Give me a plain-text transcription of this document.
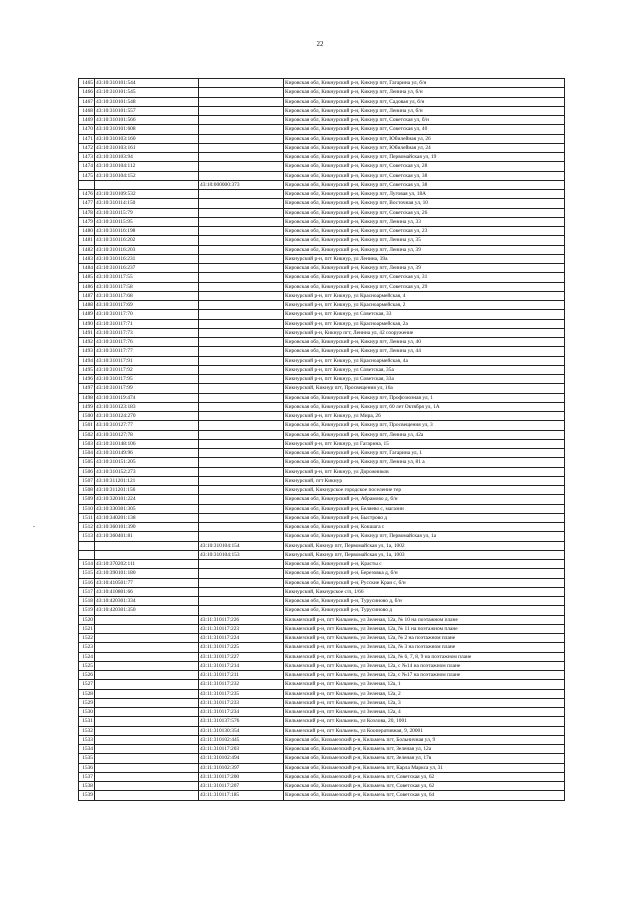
22
-
1465	43:10:310101:544		Кировская обл, Кикнурский р-н, Кикнур пгт, Гагарина ул, б/н
1466	43:10:310101:545		Кировская обл, Кикнурский р-н, Кикнур пгт, Ленина ул, б/н
1467	43:10:310101:548		Кировская обл, Кикнурский р-н, Кикнур пгт, Садовая ул, б/н
1468	43:10:310101:557		Кировская обл, Кикнурский р-н, Кикнур пгт, Ленина ул, б/н
1469	43:10:310101:566		Кировская обл, Кикнурский р-н, Кикнур пгт, Советская ул, б/н
1470	43:10:310101:608		Кировская обл, Кикнурский р-н, Кикнур пгт, Советская ул, 40
1471	43:10:310103:160		Кировская обл, Кикнурский р-н, Кикнур пгт, Юбилейная ул, 26
1472	43:10:310103:161		Кировская обл, Кикнурский р-н, Кикнур пгт, Юбилейная ул, 24
1473	43:10:310103:94		Кировская обл, Кикнурский р-н, Кикнур пгт, Первомайская ул, 19
1474	43:10:310104:112		Кировская обл, Кикнурский р-н, Кикнур пгт, Советская ул, 28
1475	43:10:310104:152		Кировская обл, Кикнурский р-н, Кикнур пгт, Советская ул, 38
		43:10:000000:373	Кировская обл, Кикнурский р-н, Кикнур пгт, Советская ул, 38
1476	43:10:310109:532		Кировская обл, Кикнурский р-н, Кикнур пгт, Луговая ул, 18А
1477	43:10:310114:150		Кировская обл, Кикнурский р-н, Кикнур пгт, Восточная ул, 10
1478	43:10:310115:79		Кировская обл, Кикнурский р-н, Кикнур пгт, Советская ул, 26
1479	43:10:310115:95		Кировская обл, Кикнурский р-н, Кикнур пгт, Ленина ул, 33
1480	43:10:310116:198		Кировская обл, Кикнурский р-н, Кикнур пгт, Советская ул, 23
1481	43:10:310116:202		Кировская обл, Кикнурский р-н, Кикнур пгт, Ленина ул, 35
1482	43:10:310116:203		Кировская обл, Кикнурский р-н, Кикнур пгт, Ленина ул, 39
1483	43:10:310116:231		Кикнурский р-н, пгт Кикнур, ул Ленина, 39а
1484	43:10:310116:237		Кировская обл, Кикнурский р-н, Кикнур пгт, Ленина ул, 39
1485	43:10:310117:55		Кировская обл, Кикнурский р-н, Кикнур пгт, Советская ул, 31
1486	43:10:310117:58		Кировская обл, Кикнурский р-н, Кикнур пгт, Советская ул, 29
1487	43:10:310117:68		Кикнурский р-н, пгт Кикнур, ул Красноармейская, 4
1488	43:10:310117:69		Кикнурский р-н, пгт Кикнур, ул Красноармейская, 2
1489	43:10:310117:70		Кикнурский р-н, пгт Кикнур, ул Советская, 33
1490	43:10:310117:71		Кикнурский р-н, пгт Кикнур, ул Красноармейская, 2а
1491	43:10:310117:73		Кикнурский р-н, Кикнур пгт, Ленина ул, 42 сооружение
1492	43:10:310117:76		Кировская обл, Кикнурский р-н, Кикнур пгт, Ленина ул, 40
1493	43:10:310117:77		Кировская обл, Кикнурский р-н, Кикнур пгт, Ленина ул, 44
1494	43:10:310117:91		Кикнурский р-н, пгт Кикнур, ул Красноармейская, 4а
1495	43:10:310117:92		Кикнурский р-н, пгт Кикнур, ул Советская, 35а
1496	43:10:310117:95		Кикнурский р-н, пгт Кикнур, ул Советская, 33а
1497	43:10:310117:99		Кикнурский, Кикнур пгт, Просвещения ул, 16а
1498	43:10:310119:474		Кировская обл, Кикнурский р-н, Кикнур пгт, Профсоюзная ул, 1
1499	43:10:310123:183		Кировская обл, Кикнурский р-н, Кикнур пгт, 60 лет Октября ул, 1А
1500	43:10:310124:270		Кикнурский р-н, пгт Кикнур, ул Мира, 26
1501	43:10:310127:77		Кировская обл, Кикнурский р-н, Кикнур пгт, Просвещения ул, 3
1502	43:10:310127:78		Кировская обл, Кикнурский р-н, Кикнур пгт, Ленина ул, 42а
1503	43:10:310148:106		Кикнурский р-н, пгт Кикнур, ул Гагарина, 15
1504	43:10:310149:96		Кировская обл, Кикнурский р-н, Кикнур пгт, Гагарина ул, 1
1505	43:10:310151:205		Кировская обл, Кикнурский р-н, Кикнур пгт, Ленина ул, 81 а
1506	43:10:310152:273		Кикнурский р-н, пгт Кикнур, ул Дорожников
1507	43:10:311201:121		Кикнурский, пгт Кикнур
1508	43:10:311201:156		Кикнурский, Кикнурское городское поселение тер
1509	43:10:320101:224		Кировская обл, Кикнурский р-н, Абрамово д, б/н
1510	43:10:330301:305		Кировская обл, Кикнурский р-н, Беляево с, магазин
1511	43:10:340201:138		Кировская обл, Кикнурский р-н, Быстрово д
1512	43:10:360101:390		Кировская обл, Кикнурский р-н, Кокшага с
1513	43:10:360401:81		Кировская обл, Кикнурский р-н, Кикнур пгт, Первомайская ул, 1а
		43:10:310104:154	Кикнурский, Кикнур пгт, Первомайская ул, 1а, 1002
		43:10:310104:153	Кикнурский, Кикнур пгт, Первомайская ул, 1а, 1003
1514	43:10:370202:111		Кировская обл, Кикнурский р-н, Красты с
1515	43:10:390101:180		Кировская обл, Кикнурский р-н, Березовка д, б/н
1516	43:10:410501:77		Кировская обл, Кикнурский р-н, Русские Краи с, б/н
1517	43:10:410801:66		Кикнурский, Кикнурское с/п, 1/66
1518	43:10:420301:334		Кировская обл, Кикнурский р-н, Турусиново д, б/н
1519	43:10:420301:350		Кировская обл, Кикнурский р-н, Турусиново д
1520		43:11:310117:226	Кильмезский р-н, пгт Кильмезь, ул Зеленая, 12а, № 10 на поэтажном плане
1521		43:11:310117:223	Кильмезский р-н, пгт Кильмезь, ул Зеленая, 12а, № 11 на поэтажном плане
1522		43:11:310117:224	Кильмезский р-н, пгт Кильмезь, ул Зеленая, 12а, № 2 на поэтажном плане
1523		43:11:310117:225	Кильмезский р-н, пгт Кильмезь, ул Зеленая, 12а, № 3 на поэтажном плане
1524		43:11:310117:227	Кильмезский р-н, пгт Кильмезь, ул Зеленая, 12а, № 6, 7, 8, 9 на поэтажном плане
1525		43:11:310117:214	Кильмезский р-н, пгт Кильмезь, ул Зеленая, 12а, с №14 на поэтажном плане
1526		43:11:310117:211	Кильмезский р-н, пгт Кильмезь, ул Зеленая, 12а, с №17 на поэтажном плане
1527		43:11:310117:232	Кильмезский р-н, пгт Кильмезь, ул Зеленая, 12а, 1
1528		43:11:310117:235	Кильмезский р-н, пгт Кильмезь, ул Зеленая, 12а, 2
1529		43:11:310117:233	Кильмезский р-н, пгт Кильмезь, ул Зеленая, 12а, 3
1530		43:11:310117:234	Кильмезский р-н, пгт Кильмезь, ул Зеленая, 12а, 4
1531		43:11:310137:576	Кильмезский р-н, пгт Кильмезь, ул Козлова, 20, 1001
1532		43:11:310130:354	Кильмезский р-н, пгт Кильмезь, ул Кооперативная, 9, 20001
1533		43:11:310102:445	Кировская обл, Кильмезский р-н, Кильмезь пгт, Больничная ул, 9
1534		43:11:310117:203	Кировская обл, Кильмезский р-н, Кильмезь пгт, Зеленая ул, 12а
1535		43:11:310102:494	Кировская обл, Кильмезский р-н, Кильмезь пгт, Зеленая ул, 17в
1536		43:11:310102:397	Кировская обл, Кильмезский р-н, Кильмезь пгт, Карла Маркса ул, 31
1537		43:11:310117:200	Кировская обл, Кильмезский р-н, Кильмезь пгт, Советская ул, 62
1538		43:11:310117:207	Кировская обл, Кильмезский р-н, Кильмезь пгт, Советская ул, 62
1539		43:11:310117:185	Кировская обл, Кильмезский р-н, Кильмезь пгт, Советская ул, 64
